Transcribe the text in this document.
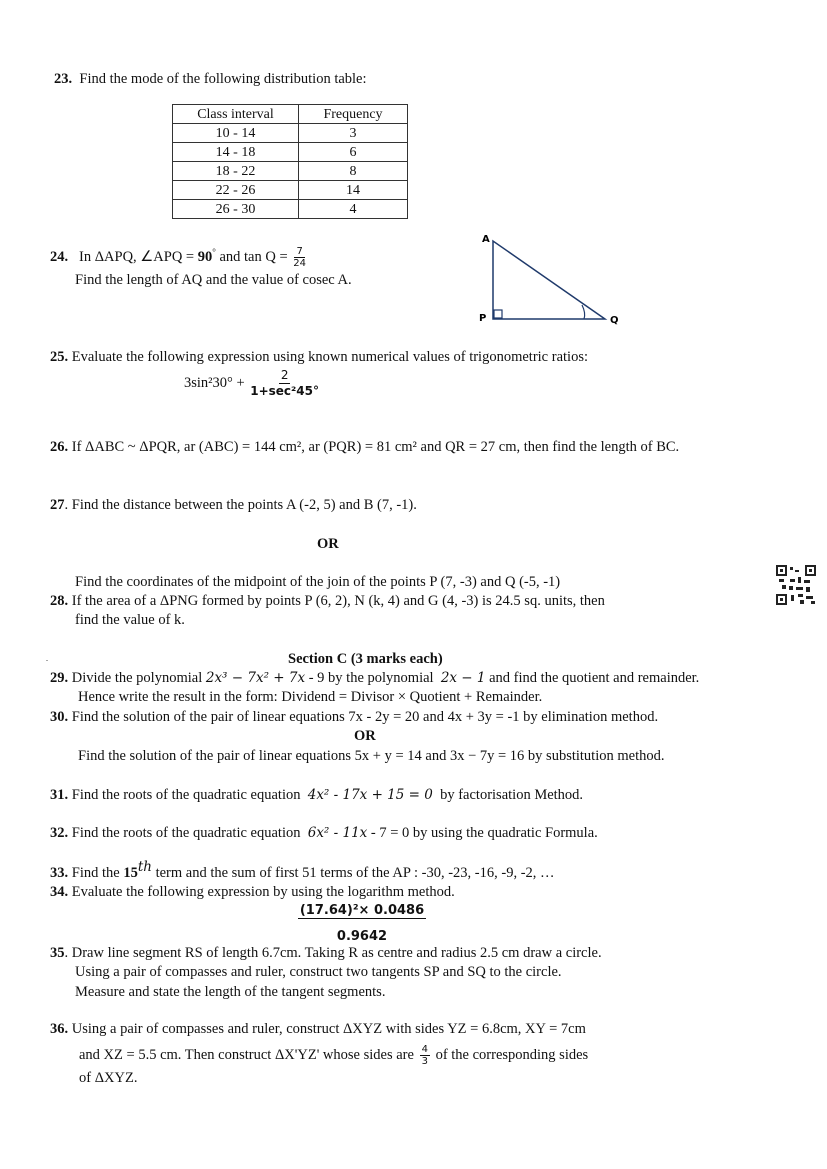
23. Find the mode of the following distribution table:
Class interval	Frequency
10 - 14	3
14 - 18	6
18 - 22	8
22 - 26	14
26 - 30	4
24. In ΔAPQ, ∠APQ = 90° and $\tan Q = \frac{7}{24}$
Find the length of AQ and the value of cosec A.
A
P	Q
25. Evaluate the following expression using known numerical values of trigonometric ratios:
$3\sin^230^\circ + \frac{2}{\text{1+sec²45°}}$
26. If ΔABC ~ ΔPQR, ar (ABC) = 144 cm², ar (PQR) = 81 cm² and QR = 27 cm, then find the length of BC.
27. Find the distance between the points A (-2, 5) and B (7, -1).
OR
Find the coordinates of the midpoint of the join of the points P (7, -3) and Q (-5, -1)
28. If the area of a ΔPNG formed by points P (6, 2), N (k, 4) and G (4, -3) is 24.5 sq. units, then
find the value of k.
.	Section C (3 marks each)
29. Divide the polynomial 2x³ − 7x² + 7x - 9 by the polynomial 2x − 1 and find the quotient and remainder.
Hence write the result in the form: Dividend = Divisor × Quotient + Remainder.
30. Find the solution of the pair of linear equations 7x - 2y = 20 and 4x + 3y = -1 by elimination method.
OR
Find the solution of the pair of linear equations 5x + y = 14 and 3x − 7y = 16 by substitution method.
31. Find the roots of the quadratic equation 4x² - 17x + 15 = 0 by factorisation Method.
32. Find the roots of the quadratic equation 6x² - 11x - 7 = 0 by using the quadratic Formula.
33. Find the 15th term and the sum of first 51 terms of the AP : -30, -23, -16, -9, -2, …
34. Evaluate the following expression by using the logarithm method.
(17.64)²× 0.0486
0.9642
35. Draw line segment RS of length 6.7cm. Taking R as centre and radius 2.5 cm draw a circle.
Using a pair of compasses and ruler, construct two tangents SP and SQ to the circle.
Measure and state the length of the tangent segments.
36. Using a pair of compasses and ruler, construct ΔXYZ with sides YZ = 6.8cm, XY = 7cm
and XZ = 5.5 cm. Then construct ΔX'YZ' whose sides are $\frac{4}{3}$ of the corresponding sides
of ΔXYZ.
